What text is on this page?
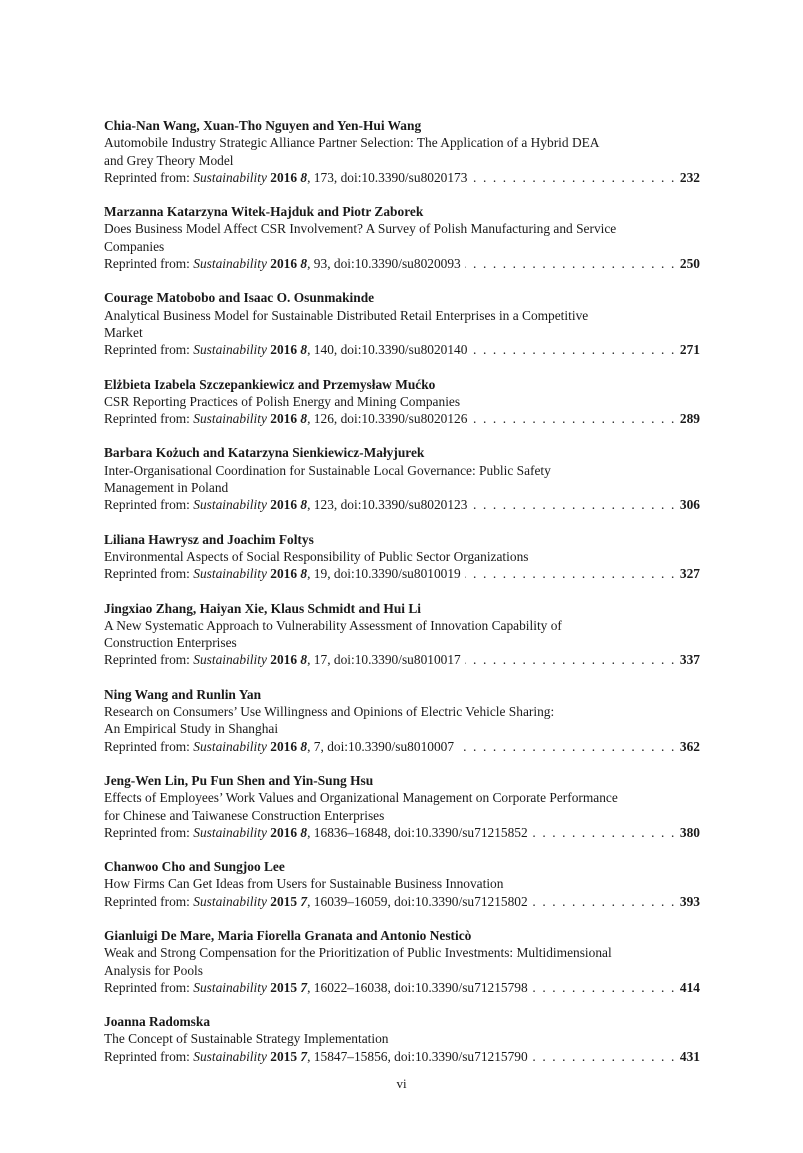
Chia-Nan Wang, Xuan-Tho Nguyen and Yen-Hui Wang
Automobile Industry Strategic Alliance Partner Selection: The Application of a Hybrid DEA
and Grey Theory Model
Reprinted from: Sustainability 2016 8, 173, doi:10.3390/su8020173 . . .	232
Marzanna Katarzyna Witek-Hajduk and Piotr Zaborek
Does Business Model Affect CSR Involvement? A Survey of Polish Manufacturing and Service
Companies
Reprinted from: Sustainability 2016 8, 93, doi:10.3390/su8020093 . . .	250
Courage Matobobo and Isaac O. Osunmakinde
Analytical Business Model for Sustainable Distributed Retail Enterprises in a Competitive
Market
Reprinted from: Sustainability 2016 8, 140, doi:10.3390/su8020140 . . .	271
Elżbieta Izabela Szczepankiewicz and Przemysław Mućko
CSR Reporting Practices of Polish Energy and Mining Companies
Reprinted from: Sustainability 2016 8, 126, doi:10.3390/su8020126 . . .	289
Barbara Kożuch and Katarzyna Sienkiewicz-Małyjurek
Inter-Organisational Coordination for Sustainable Local Governance: Public Safety
Management in Poland
Reprinted from: Sustainability 2016 8, 123, doi:10.3390/su8020123 . . .	306
Liliana Hawrysz and Joachim Foltys
Environmental Aspects of Social Responsibility of Public Sector Organizations
Reprinted from: Sustainability 2016 8, 19, doi:10.3390/su8010019 . . .	327
Jingxiao Zhang, Haiyan Xie, Klaus Schmidt and Hui Li
A New Systematic Approach to Vulnerability Assessment of Innovation Capability of
Construction Enterprises
Reprinted from: Sustainability 2016 8, 17, doi:10.3390/su8010017 . . .	337
Ning Wang and Runlin Yan
Research on Consumers’ Use Willingness and Opinions of Electric Vehicle Sharing:
An Empirical Study in Shanghai
Reprinted from: Sustainability 2016 8, 7, doi:10.3390/su8010007 . . .	362
Jeng-Wen Lin, Pu Fun Shen and Yin-Sung Hsu
Effects of Employees’ Work Values and Organizational Management on Corporate Performance
for Chinese and Taiwanese Construction Enterprises
Reprinted from: Sustainability 2016 8, 16836–16848, doi:10.3390/su71215852 . . .	380
Chanwoo Cho and Sungjoo Lee
How Firms Can Get Ideas from Users for Sustainable Business Innovation
Reprinted from: Sustainability 2015 7, 16039–16059, doi:10.3390/su71215802 . . .	393
Gianluigi De Mare, Maria Fiorella Granata and Antonio Nesticò
Weak and Strong Compensation for the Prioritization of Public Investments: Multidimensional
Analysis for Pools
Reprinted from: Sustainability 2015 7, 16022–16038, doi:10.3390/su71215798 . . .	414
Joanna Radomska
The Concept of Sustainable Strategy Implementation
Reprinted from: Sustainability 2015 7, 15847–15856, doi:10.3390/su71215790 . . .	431
vi
